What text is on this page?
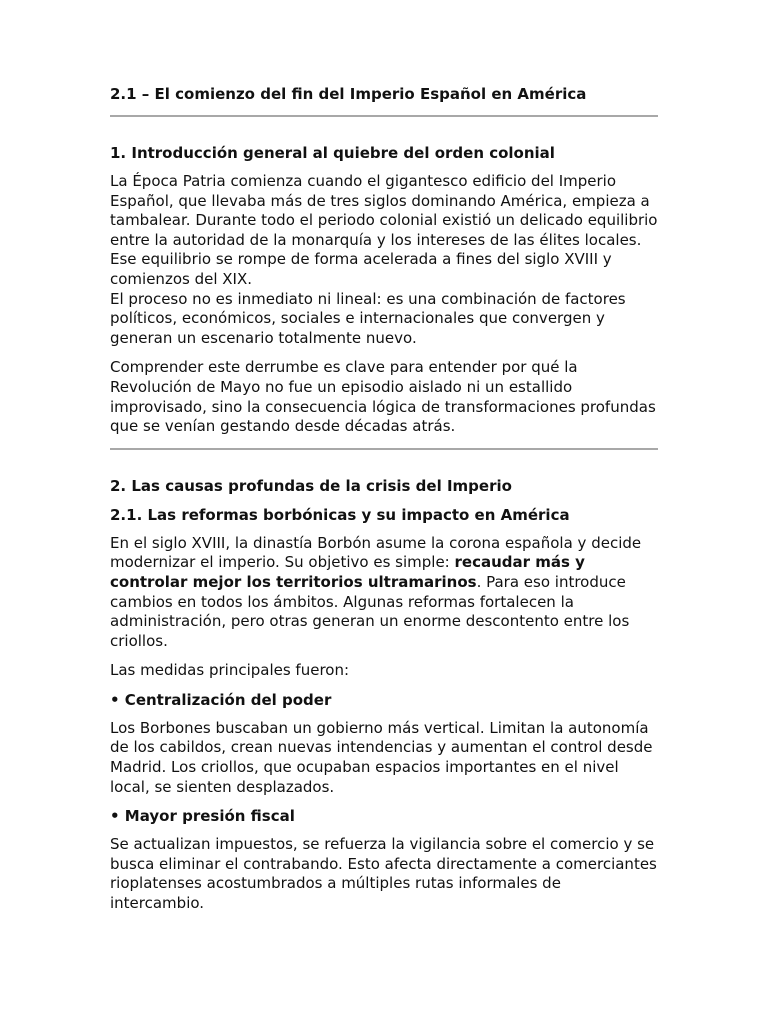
2.1 – El comienzo del fin del Imperio Español en América
1. Introducción general al quiebre del orden colonial

La Época Patria comienza cuando el gigantesco edificio del Imperio Español, que llevaba más de tres siglos dominando América, empieza a tambalear. Durante todo el periodo colonial existió un delicado equilibrio entre la autoridad de la monarquía y los intereses de las élites locales. Ese equilibrio se rompe de forma acelerada a fines del siglo XVIII y comienzos del XIX.

El proceso no es inmediato ni lineal: es una combinación de factores políticos, económicos, sociales e internacionales que convergen y generan un escenario totalmente nuevo.

Comprender este derrumbe es clave para entender por qué la Revolución de Mayo no fue un episodio aislado ni un estallido improvisado, sino la consecuencia lógica de transformaciones profundas que se venían gestando desde décadas atrás.

2. Las causas profundas de la crisis del Imperio
2.1. Las reformas borbónicas y su impacto en América

En el siglo XVIII, la dinastía Borbón asume la corona española y decide modernizar el imperio. Su objetivo es simple: recaudar más y controlar mejor los territorios ultramarinos. Para eso introduce cambios en todos los ámbitos. Algunas reformas fortalecen la administración, pero otras generan un enorme descontento entre los criollos.

Las medidas principales fueron:

• Centralización del poder

Los Borbones buscaban un gobierno más vertical. Limitan la autonomía de los cabildos, crean nuevas intendencias y aumentan el control desde Madrid. Los criollos, que ocupaban espacios importantes en el nivel local, se sienten desplazados.

• Mayor presión fiscal

Se actualizan impuestos, se refuerza la vigilancia sobre el comercio y se busca eliminar el contrabando. Esto afecta directamente a comerciantes rioplatenses acostumbrados a múltiples rutas informales de intercambio.
